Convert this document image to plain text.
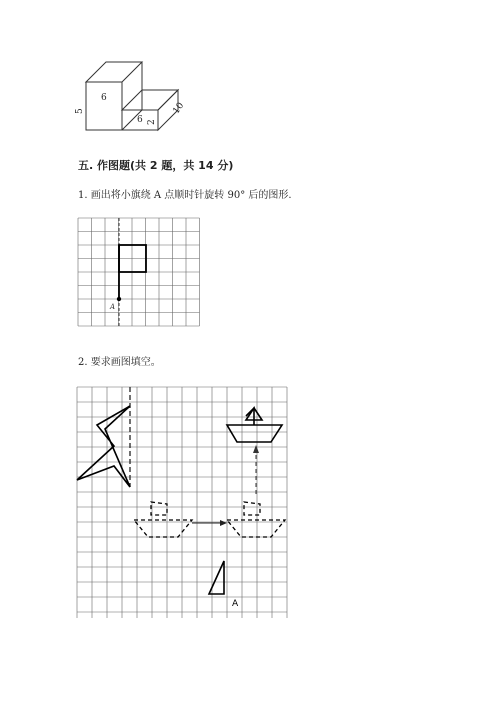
6
5
6 2
10
五. 作图题(共 2 题，共 14 分)
1. 画出将小旗绕 A 点顺时针旋转 90° 后的图形.
A
2. 要求画图填空。
A
